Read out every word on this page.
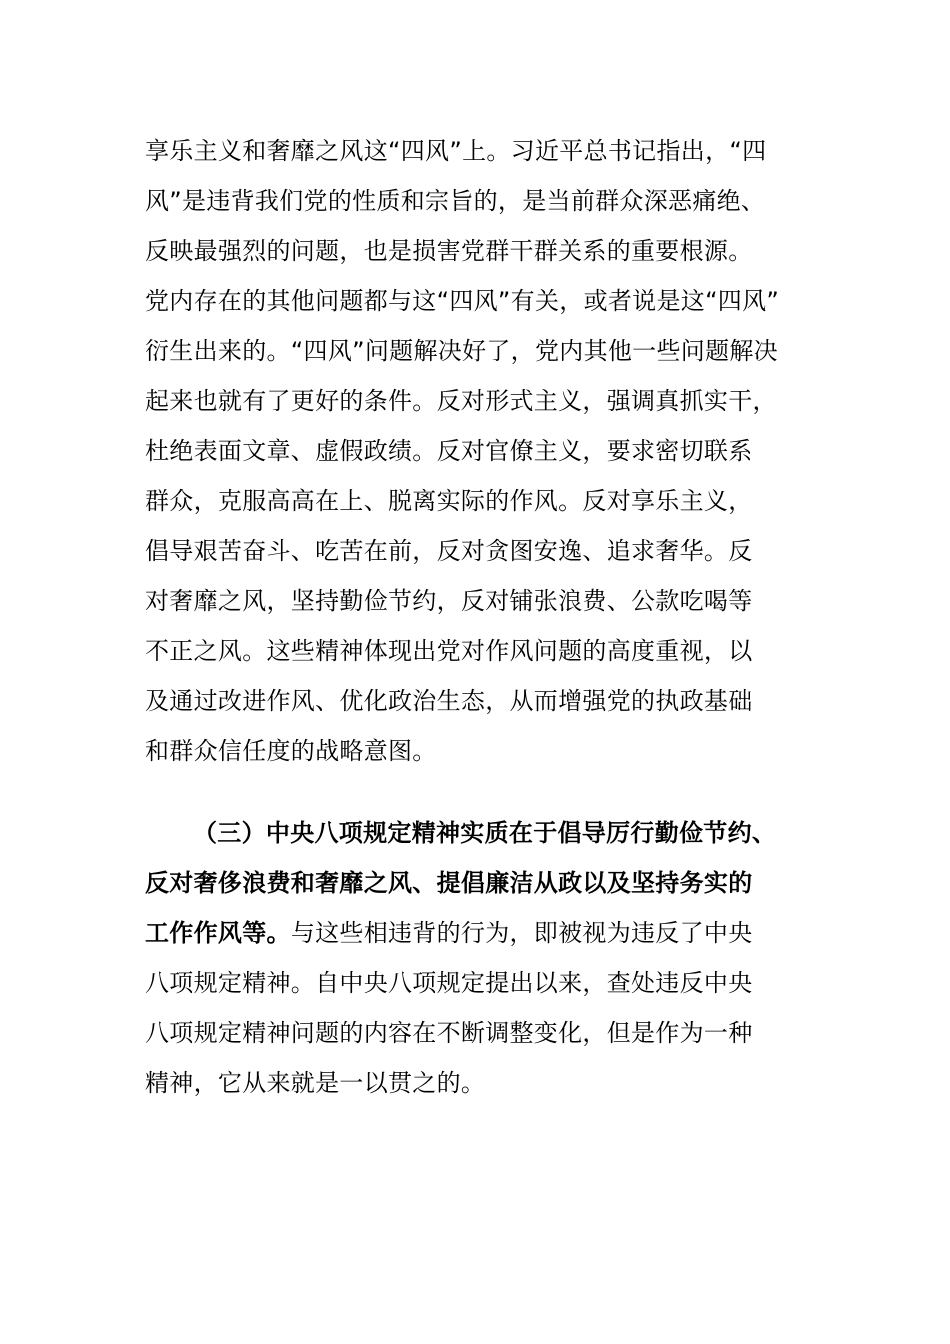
享乐主义和奢靡之风这“四风”上。习近平总书记指出，“四
风”是违背我们党的性质和宗旨的，是当前群众深恶痛绝、
反映最强烈的问题，也是损害党群干群关系的重要根源。
党内存在的其他问题都与这“四风”有关，或者说是这“四风”
衍生出来的。“四风”问题解决好了，党内其他一些问题解决
起来也就有了更好的条件。反对形式主义，强调真抓实干，
杜绝表面文章、虚假政绩。反对官僚主义，要求密切联系
群众，克服高高在上、脱离实际的作风。反对享乐主义，
倡导艰苦奋斗、吃苦在前，反对贪图安逸、追求奢华。反
对奢靡之风，坚持勤俭节约，反对铺张浪费、公款吃喝等
不正之风。这些精神体现出党对作风问题的高度重视，以
及通过改进作风、优化政治生态，从而增强党的执政基础
和群众信任度的战略意图。
（三）中央八项规定精神实质在于倡导厉行勤俭节约、
反对奢侈浪费和奢靡之风、提倡廉洁从政以及坚持务实的
工作作风等。与这些相违背的行为，即被视为违反了中央
八项规定精神。自中央八项规定提出以来，查处违反中央
八项规定精神问题的内容在不断调整变化，但是作为一种
精神，它从来就是一以贯之的。
